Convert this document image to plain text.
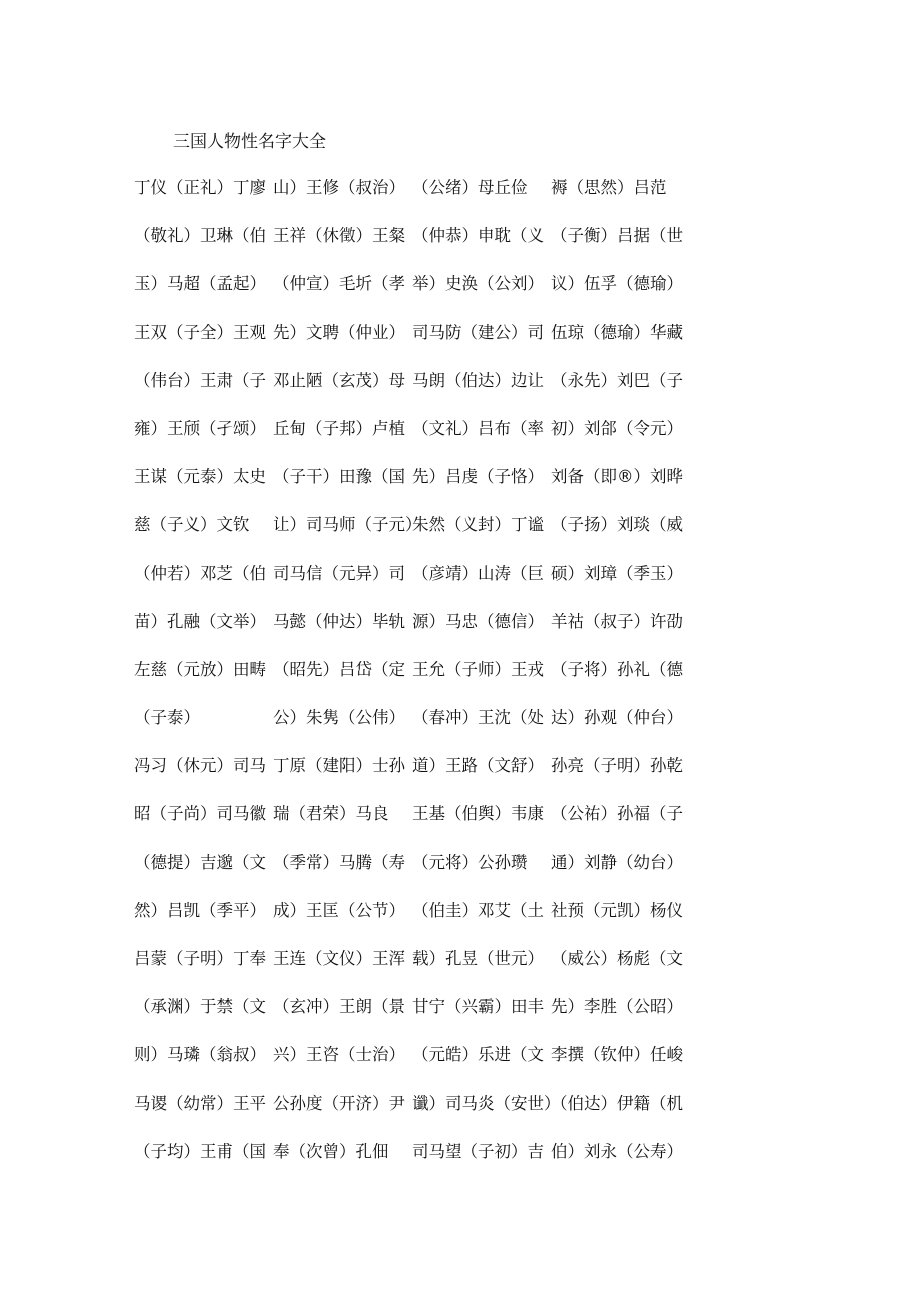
三国人物性名字大全
丁仪（正礼）丁廖 山）王修（叔治） （公绪）母丘俭 褥（思然）吕范
（敬礼）卫琳（伯 王祥（休徵）王粲 （仲恭）申耽（义 （子衡）吕据（世
玉）马超（孟起） （仲宣）毛圻（孝 举）史涣（公刘） 议）伍孚（德瑜）
王双（子全）王观 先）文聘（仲业） 司马防（建公）司 伍琼（德瑜）华藏
（伟台）王肃（子 邓止陋（玄茂）母 马朗（伯达）边让 （永先）刘巴（子
雍）王颀（孑颂） 丘甸（子邦）卢植 （文礼）吕布（率 初）刘郃（令元）
王谋（元泰）太史 （子干）田豫（国 先）吕虔（子恪） 刘备（即®）刘晔
慈（子义）文钦 让）司马师（子元）
朱然（义封）丁谧 （子扬）刘琰（威
（仲若）邓芝（伯 司马信（元异）司 （彦靖）山涛（巨 硕）刘璋（季玉）
苗）孔融（文举） 马懿（仲达）毕轨 源）马忠（德信） 羊祜（叔子）许劭
左慈（元放）田畴 （昭先）吕岱（定 王允（子师）王戎 （子将）孙礼（德
（子泰）	公）朱隽（公伟） （春冲）王沈（处 达）孙观（仲台）
冯习（休元）司马 丁原（建阳）士孙 道）王路（文舒） 孙亮（子明）孙乾
昭（子尚）司马徽 瑞（君荣）马良 王基（伯舆）韦康 （公祐）孙福（子
（德提）吉邈（文 （季常）马腾（寿 （元将）公孙瓒 通）刘静（幼台）
然）吕凯（季平） 成）王匡（公节） （伯圭）邓艾（土 社预（元凯）杨仪
吕蒙（子明）丁奉 王连（文仪）王浑 载）孔昱（世元） （威公）杨彪（文
（承渊）于禁（文 （玄冲）王朗（景 甘宁（兴霸）田丰 先）李胜（公昭）
则）马璘（翁叔） 兴）王咨（士治） （元皓）乐进（文 李撰（钦仲）任峻
马谡（幼常）王平 公孙度（开济）尹 谶）司马炎（安世）
（伯达）伊籍（机
（子均）王甫（国 奉（次曾）孔佃 司马望（子初）吉 伯）刘永（公寿）
